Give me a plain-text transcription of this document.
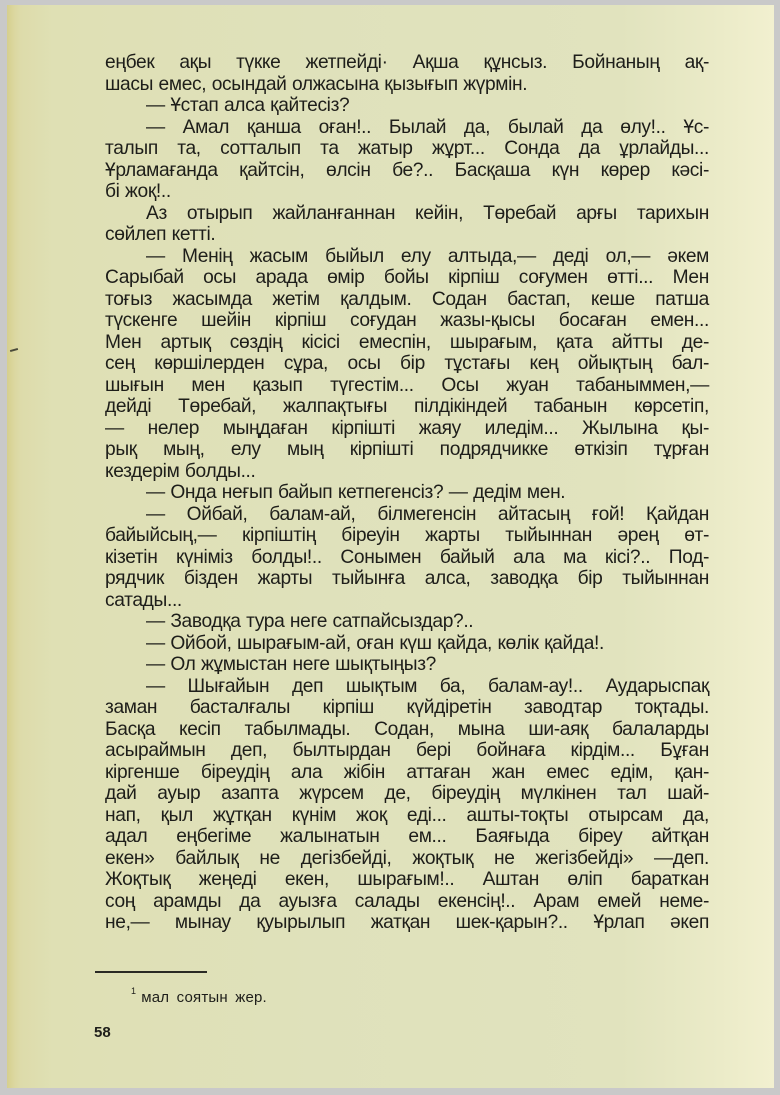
еңбек ақы түкке жетпейді· Ақша құнсыз. Бойнаның ақ-
шасы емес, осындай олжасына қызығып жүрмін.
— Ұстап алса қайтесіз?
— Амал қанша оған!.. Былай да, былай да өлу!.. Ұс-
талып та, сотталып та жатыр жұрт... Сонда да ұрлайды...
Ұрламағанда қайтсін, өлсін бе?.. Басқаша күн көрер кәсі-
бі жоқ!..
Аз отырып жайланғаннан кейін, Төребай арғы тарихын
сөйлеп кетті.
— Менің жасым быйыл елу алтыда,— деді ол,— әкем
Сарыбай осы арада өмір бойы кірпіш соғумен өтті... Мен
тоғыз жасымда жетім қалдым. Содан бастап, кеше патша
түскенге шейін кірпіш соғудан жазы-қысы босаған емен...
Мен артық сөздің кісісі емеспін, шырағым, қата айтты де-
сең көршілерден сұра, осы бір тұстағы кең ойықтың бал-
шығын мен қазып түгестім... Осы жуан табаныммен,—
дейді Төребай, жалпақтығы пілдікіндей табанын көрсетіп,
— нелер мыңдаған кірпішті жаяу иледім... Жылына қы-
рық мың, елу мың кірпішті подрядчикке өткізіп тұрған
кездерім болды...
— Онда неғып байып кетпегенсіз? — дедім мен.
— Ойбай, балам-ай, білмегенсін айтасың ғой! Қайдан
байыйсың,— кірпіштің біреуін жарты тыйыннан әрең өт-
кізетін күніміз болды!.. Сонымен байый ала ма кісі?.. Под-
рядчик бізден жарты тыйынға алса, заводқа бір тыйыннан
сатады...
— Заводқа тура неге сатпайсыздар?..
— Ойбой, шырағым-ай, оған күш қайда, көлік қайда!.
— Ол жұмыстан неге шықтыңыз?
— Шығайын деп шықтым ба, балам-ау!.. Аударыспақ
заман басталғалы кірпіш күйдіретін заводтар тоқтады.
Басқа кесіп табылмады. Содан, мына ши-аяқ балаларды
асыраймын деп, былтырдан бері бойнаға кірдім... Бұған
кіргенше біреудің ала жібін аттаған жан емес едім, қан-
дай ауыр азапта жүрсем де, біреудің мүлкінен тал шай-
нап, қыл жұтқан күнім жоқ еді... ашты-тоқты отырсам да,
адал еңбегіме жалынатын ем... Баяғыда біреу айтқан
екен» байлық не дегізбейді, жоқтық не жегізбейді» —деп.
Жоқтық жеңеді екен, шырағым!.. Аштан өліп бараткан
соң арамды да ауызға салады екенсің!.. Арам емей неме-
не,— мынау қуырылып жатқан шек-қарын?.. Ұрлап әкеп
$^1$ мал соятын жер.
58
